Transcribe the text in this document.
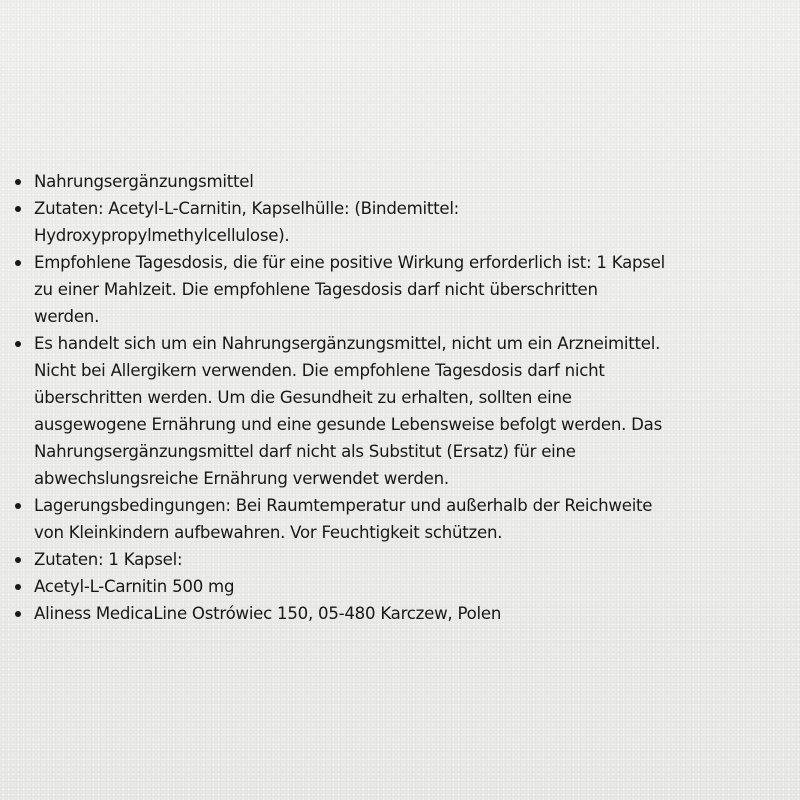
Nahrungsergänzungsmittel
Zutaten: Acetyl-L-Carnitin, Kapselhülle: (Bindemittel:
Hydroxypropylmethylcellulose).
Empfohlene Tagesdosis, die für eine positive Wirkung erforderlich ist: 1 Kapsel
zu einer Mahlzeit. Die empfohlene Tagesdosis darf nicht überschritten
werden.
Es handelt sich um ein Nahrungsergänzungsmittel, nicht um ein Arzneimittel.
Nicht bei Allergikern verwenden. Die empfohlene Tagesdosis darf nicht
überschritten werden. Um die Gesundheit zu erhalten, sollten eine
ausgewogene Ernährung und eine gesunde Lebensweise befolgt werden. Das
Nahrungsergänzungsmittel darf nicht als Substitut (Ersatz) für eine
abwechslungsreiche Ernährung verwendet werden.
Lagerungsbedingungen: Bei Raumtemperatur und außerhalb der Reichweite
von Kleinkindern aufbewahren. Vor Feuchtigkeit schützen.
Zutaten: 1 Kapsel:
Acetyl-L-Carnitin 500 mg
Aliness MedicaLine Ostrówiec 150, 05-480 Karczew, Polen
